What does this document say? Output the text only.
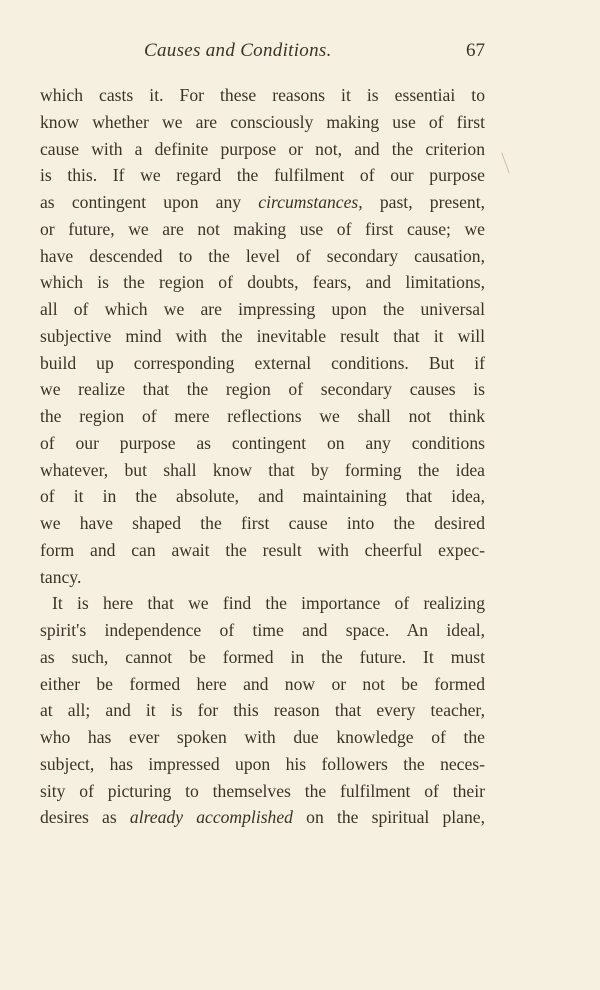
Causes and Conditions.	67
which casts it. For these reasons it is essentiai to
know whether we are consciously making use of first
cause with a definite purpose or not, and the criterion
is this. If we regard the fulfilment of our purpose
as contingent upon any circumstances, past, present,
or future, we are not making use of first cause; we
have descended to the level of secondary causation,
which is the region of doubts, fears, and limitations,
all of which we are impressing upon the universal
subjective mind with the inevitable result that it will
build up corresponding external conditions. But if
we realize that the region of secondary causes is
the region of mere reflections we shall not think
of our purpose as contingent on any conditions
whatever, but shall know that by forming the idea
of it in the absolute, and maintaining that idea,
we have shaped the first cause into the desired
form and can await the result with cheerful expec-
tancy.
It is here that we find the importance of realizing
spirit's independence of time and space. An ideal,
as such, cannot be formed in the future. It must
either be formed here and now or not be formed
at all; and it is for this reason that every teacher,
who has ever spoken with due knowledge of the
subject, has impressed upon his followers the neces-
sity of picturing to themselves the fulfilment of their
desires as already accomplished on the spiritual plane,
